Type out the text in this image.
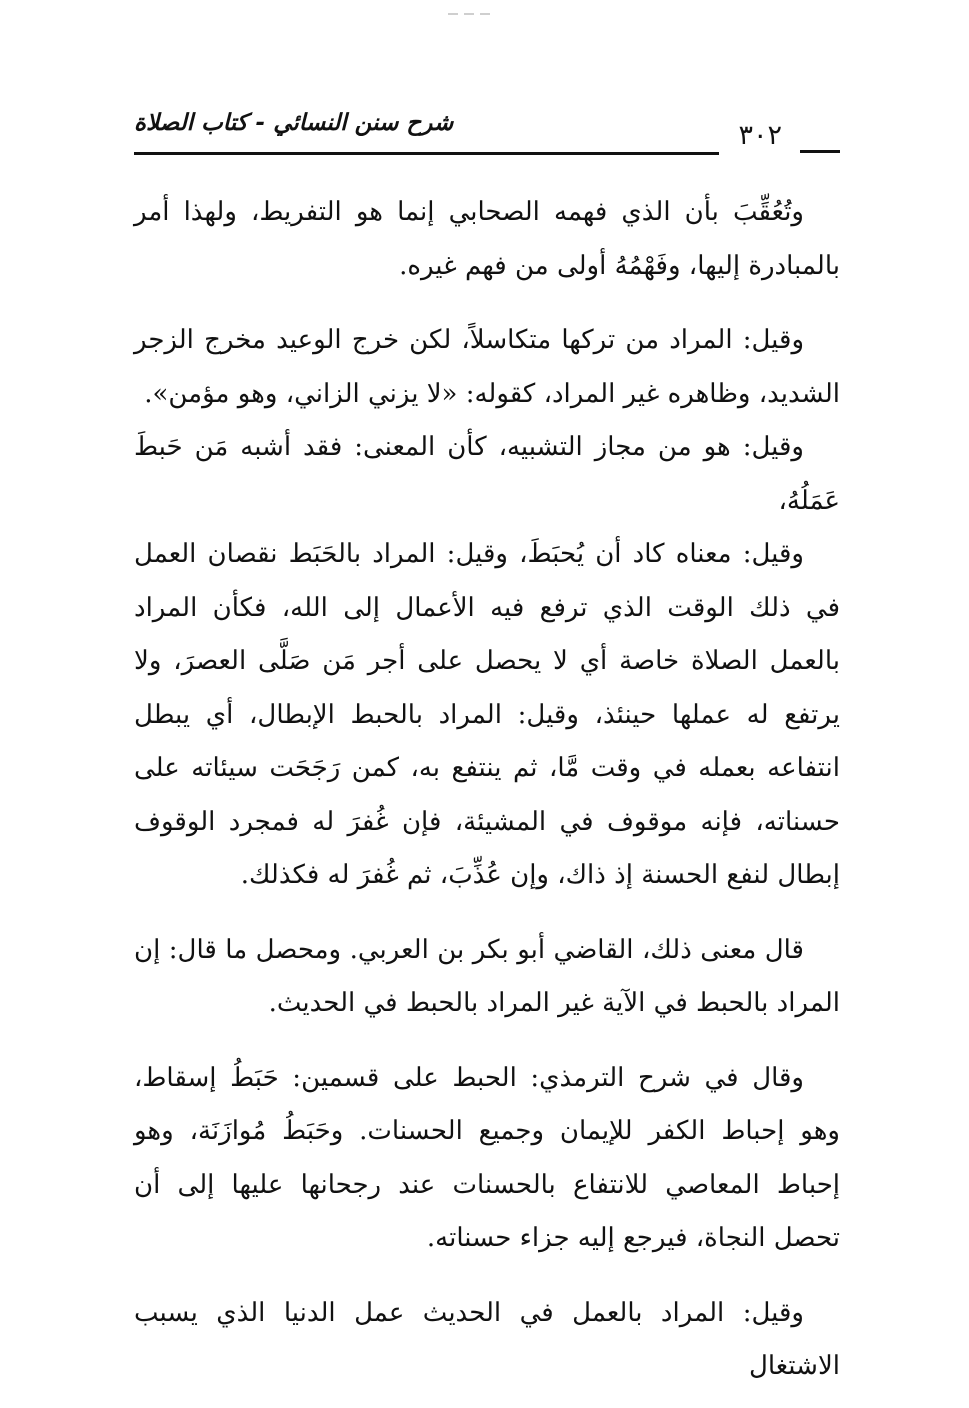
٣٠٢
شرح سنن النسائي - كتاب الصلاة

وتُعُقِّبَ بأن الذي فهمه الصحابي إنما هو التفريط، ولهذا أمر بالمبادرة إليها، وفَهْمُهُ أولى من فهم غيره.

وقيل: المراد من تركها متكاسلاً، لكن خرج الوعيد مخرج الزجر الشديد، وظاهره غير المراد، كقوله: «لا يزني الزاني، وهو مؤمن».

وقيل: هو من مجاز التشبيه، كأن المعنى: فقد أشبه مَن حَبطَ عَمَلُهُ،

وقيل: معناه كاد أن يُحبَطَ، وقيل: المراد بالحَبَط نقصان العمل في ذلك الوقت الذي ترفع فيه الأعمال إلى الله، فكأن المراد بالعمل الصلاة خاصة أي لا يحصل على أجر مَن صَلَّى العصرَ، ولا يرتفع له عملها حينئذ، وقيل: المراد بالحبط الإبطال، أي يبطل انتفاعه بعمله في وقت مَّا، ثم ينتفع به، كمن رَجَحَت سيئاته على حسناته، فإنه موقوف في المشيئة، فإن غُفرَ له فمجرد الوقوف إبطال لنفع الحسنة إذ ذاك، وإن عُذِّبَ، ثم غُفرَ له فكذلك.

قال معنى ذلك، القاضي أبو بكر بن العربي. ومحصل ما قال: إن المراد بالحبط في الآية غير المراد بالحبط في الحديث.

وقال في شرح الترمذي: الحبط على قسمين: حَبَطُ إسقاط، وهو إحباط الكفر للإيمان وجميع الحسنات. وحَبَطُ مُوازَنَة، وهو إحباط المعاصي للانتفاع بالحسنات عند رجحانها عليها إلى أن تحصل النجاة، فيرجع إليه جزاء حسناته.

وقيل: المراد بالعمل في الحديث عمل الدنيا الذي يسبب الاشتغال
